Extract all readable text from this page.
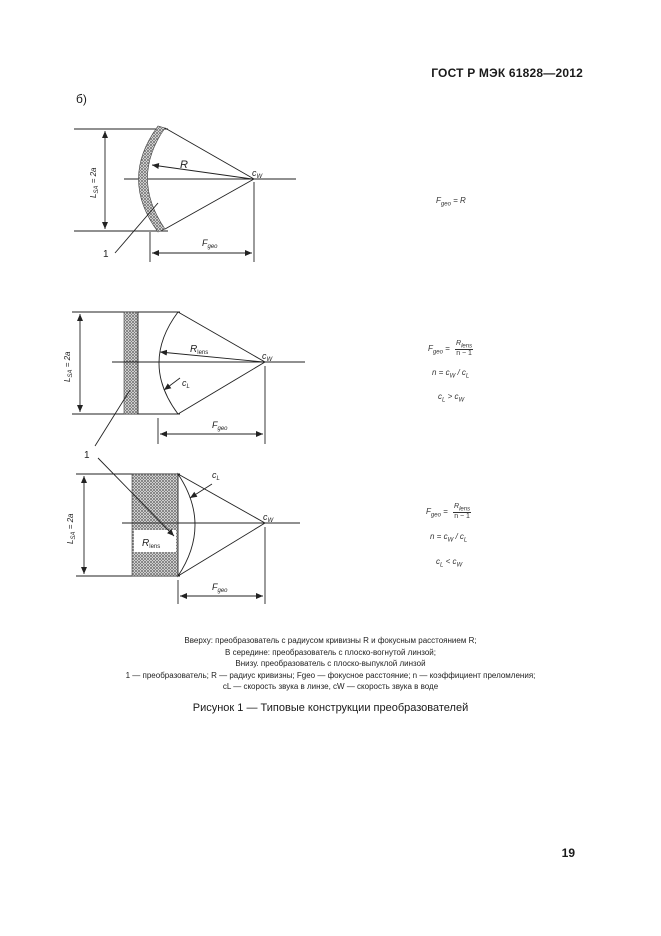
ГОСТ Р МЭК 61828—2012
б)
R
$c_W$
$L_{SA} = 2a$
$F_{geo}$
1
$R_{lens}$	$c_W$
$c_L$
$L_{SA} = 2a$
$F_{geo}$
1
$R_{lens}$
$c_W$
$c_L$
$L_{SA} = 2a$
$F_{geo}$
$F_{geo} = R$
$F_{geo} = \frac{R_{lens}}{n - 1}$
$n = c_W / c_L$
$c_L > c_W$
$F_{geo} = \frac{R_{lens}}{n - 1}$
$n = c_W / c_L$
$c_L < c_W$
Вверху: преобразователь с радиусом кривизны R и фокусным расстоянием R;
В середине: преобразователь с плоско-вогнутой линзой;
Внизу. преобразователь с плоско-выпуклой линзой
1 — преобразователь; R — радиус кривизны; Fgeo — фокусное расстояние; n — коэффициент преломления;
cL — скорость звука в линзе, cW — скорость звука в воде
Рисунок 1 — Типовые конструкции преобразователей
19
